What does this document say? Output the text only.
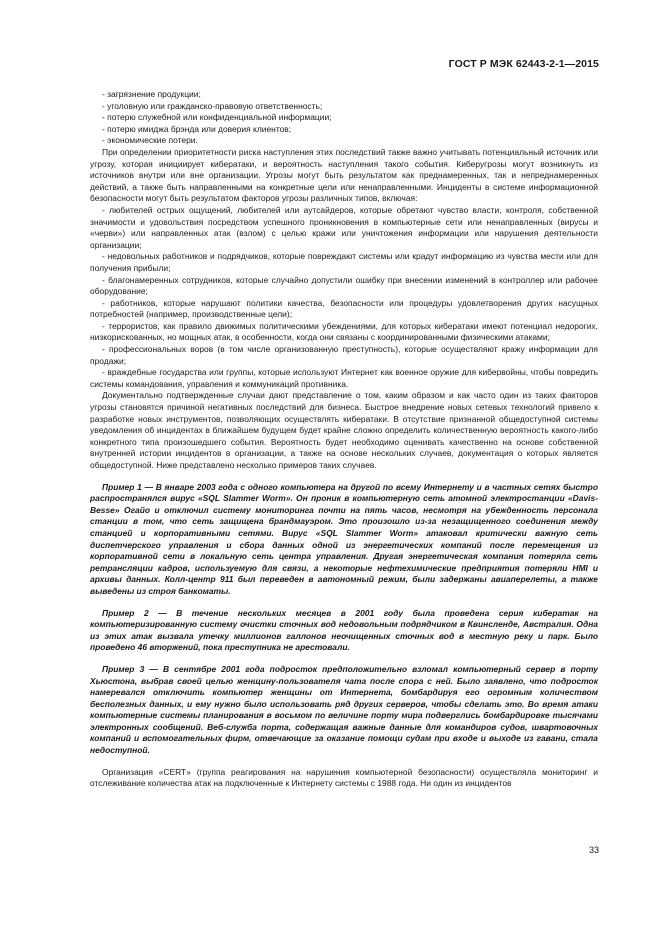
ГОСТ Р МЭК 62443-2-1—2015
- загрязнение продукции;
- уголовную или гражданско-правовую ответственность;
- потерю служебной или конфиденциальной информации;
- потерю имиджа брэнда или доверия клиентов;
- экономические потери.

При определении приоритетности риска наступления этих последствий также важно учитывать потенциальный источник или угрозу, которая инициирует кибератаки, и вероятность наступления такого события. Киберугрозы могут возникнуть из источников внутри или вне организации. Угрозы могут быть результатом как преднамеренных, так и непреднамеренных действий, а также быть направленными на конкретные цели или ненаправленными. Инциденты в системе информационной безопасности могут быть результатом факторов угрозы различных типов, включая:

- любителей острых ощущений, любителей или аутсайдеров, которые обретают чувство власти, контроля, собственной значимости и удовольствия посредством успешного проникновения в компьютерные сети или ненаправленных (вирусы и «черви») или направленных атак (взлом) с целью кражи или уничтожения информации или нарушения деятельности организации;

- недовольных работников и подрядчиков, которые повреждают системы или крадут информацию из чувства мести или для получения прибыли;

- благонамеренных сотрудников, которые случайно допустили ошибку при внесении изменений в контроллер или рабочее оборудование;

- работников, которые нарушают политики качества, безопасности или процедуры удовлетворения других насущных потребностей (например, производственные цели);

- террористов, как правило движимых политическими убеждениями, для которых кибератаки имеют потенциал недорогих, низкорискованных, но мощных атак, в особенности, когда они связаны с координированными физическими атаками;

- профессиональных воров (в том числе организованную преступность), которые осуществляют кражу информации для продажи;

- враждебные государства или группы, которые используют Интернет как военное оружие для кибервойны, чтобы повредить системы командования, управления и коммуникаций противника.

Документально подтвержденные случаи дают представление о том, каким образом и как часто один из таких факторов угрозы становятся причиной негативных последствий для бизнеса. Быстрое внедрение новых сетевых технологий привело к разработке новых инструментов, позволяющих осуществлять кибератаки. В отсутствие признанной общедоступной системы уведомления об инцидентах в ближайшем будущем будет крайне сложно определить количественную вероятность какого-либо конкретного типа произошедшего события. Вероятность будет необходимо оценивать качественно на основе собственной внутренней истории инцидентов в организации, а также на основе нескольких случаев, документация о которых является общедоступной. Ниже представлено несколько примеров таких случаев.

Пример 1 — В январе 2003 года с одного компьютера на другой по всему Интернету и в частных сетях быстро распространялся вирус «SQL Slammer Worm». Он проник в компьютерную сеть атомной электростанции «Davis-Besse» Огайо и отключил систему мониторинга почти на пять часов, несмотря на убежденность персонала станции в том, что сеть защищена брандмауэром. Это произошло из-за незащищенного соединения между станцией и корпоративными сетями. Вирус «SQL Slammer Worm» атаковал критически важную сеть диспетчерского управления и сбора данных одной из энергетических компаний после перемещения из корпоративной сети в локальную сеть центра управления. Другая энергетическая компания потеряла сеть ретрансляции кадров, используемую для связи, а некоторые нефтехимические предприятия потеряли HMI и архивы данных. Колл-центр 911 был переведен в автономный режим, были задержаны авиаперелеты, а также выведены из строя банкоматы.

Пример 2 — В течение нескольких месяцев в 2001 году была проведена серия кибератак на компьютеризированную систему очистки сточных вод недовольным подрядчиком в Квинсленде, Австралия. Одна из этих атак вызвала утечку миллионов галлонов неочищенных сточных вод в местную реку и парк. Было проведено 46 вторжений, пока преступника не арестовали.

Пример 3 — В сентябре 2001 года подросток предположительно взломал компьютерный сервер в порту Хьюстона, выбрав своей целью женщину-пользователя чата после спора с ней. Было заявлено, что подросток намеревался отключить компьютер женщины от Интернета, бомбардируя его огромным количеством бесполезных данных, и ему нужно было использовать ряд других серверов, чтобы сделать это. Во время атаки компьютерные системы планирования в восьмом по величине порту мира подверглись бомбардировке тысячами электронных сообщений. Веб-служба порта, содержащая важные данные для командиров судов, швартовочных компаний и вспомогательных фирм, отвечающие за оказание помощи судам при входе и выходе из гавани, стала недоступной.

Организация «CERT» (группа реагирования на нарушения компьютерной безопасности) осуществляла мониторинг и отслеживание количества атак на подключенные к Интернету системы с 1988 года. Ни один из инцидентов

33
